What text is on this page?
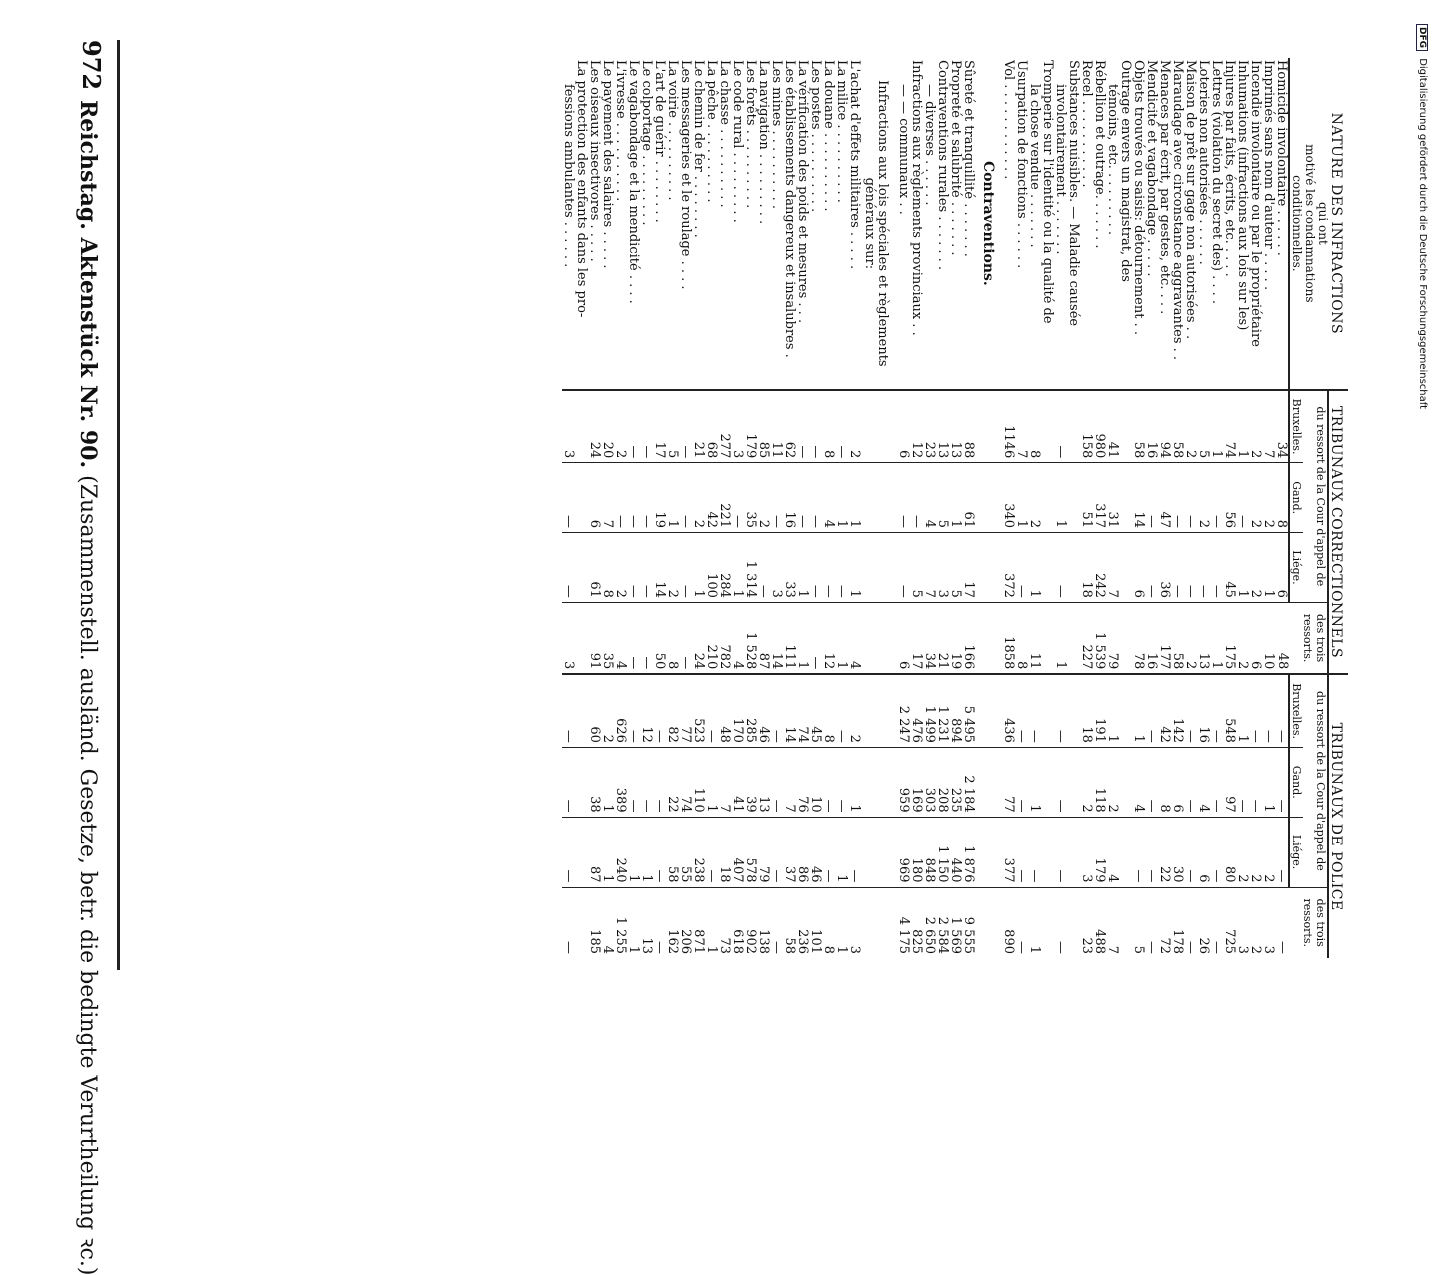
DFG Digitalisierung gefördert durch die Deutsche Forschungsgemeinschaft
NATURE DES INFRACTIONS
qui ont
motivé les condamnations
conditionnelles.	TRIBUNAUX CORRECTIONNELS				TRIBUNAUX DE POLICE			
	du ressort de la Cour d'appel de			des trois ressorts.	du ressort de la Cour d'appel de			des trois ressorts.
	Bruxelles.	Gand.	Liége.		Bruxelles.	Gand.	Liége.	

Homicide involontaire . . . . . .	34	8	6	48	—	—	—	—

Imprimés sans nom d'auteur . . . . .	7	2	1	10	—	1	2	3

Incendie involontaire ou par le propriétaire	2	2	2	6	—	—	2	2

Inhumations (infractions aux lois sur les)	1	—	1	2	1	—	2	3

Injures par faits, écrits, etc. . . . .	74	56	45	175	548	97	80	725

Lettres (violation du secret des) . . . .	1	—	—	1	—	—	—	—

Loteries non autorisées . . . . . .	5	2	—	13	16	4	6	26

Maison de prêt sur gage non autorisées . .	2	—	—	2	—	—	—	—

Maraudage avec circonstance aggravantes . .	58	—	—	58	142	6	30	178

Menaces par écrit, par gestes, etc. . . .	94	47	36	177	42	8	22	72

Mendicité et vagabondage . . . . .	16	—	—	16	—	—	—	—

Objets trouvés ou saisis: détournement . .	58	14	6	78	1	4	—	5

Outrage envers un magistrat, des								

témoins, etc. . . . . . . . .	41	31	7	79	1	2	4	7

Rébellion et outrage. . . . . . .	980	317	242	1 539	191	118	179	488

Recel . . . . . . . . . . .	158	51	18	227	18	2	3	23

Substances nuisibles. — Maladie causée								

involontairement . . . . . . .	—	1	—	1	—	—	—	—

Tromperie sur l'identité ou la qualité de								

la chose vendue . . . . . . .	8	2	1	11	—	1	—	1

Usurpation de fonctions . . . . . .	7	1	—	8	—	—	—	—

Vol . . . . . . . . . . . .	1146	340	372	1858	436	77	377	890
Contraventions.								

Sûreté et tranquillité . . . . . . .	88	61	17	166	5 495	2 184	1 876	9 555

Propreté et salubrité . . . . . . .	13	1	5	19	894	235	440	1 569

Contraventions rurales . . . . . . .	13	5	3	21	1 231	208	1 150	2 584

— diverses . . . . . .	23	4	7	34	1 499	303	848	2 650

Infractions aux règlements provinciaux . .	12	—	5	17	476	169	180	825

— — communaux . .	6	—	—	6	2 247	959	969	4 175
Infractions aux lois spéciales et règlements généraux sur:								

L'achat d'effets militaires . . . . .	2	1	1	4	2	1	—	3

La milice . . . . . . . . . .	—	1	—	1	—	—	1	1

La douane . . . . . . . . . .	8	4	—	12	8	—	—	8

Les postes . . . . . . . . . .	—	—	—	—	45	10	46	101

La vérification des poids et mesures . . .	—	—	1	1	74	76	86	236

Les établissements dangereux et insalubres .	62	16	33	111	14	7	37	58

Les mines . . . . . . . . . .	11	—	3	14	—	—	—	—

La navigation . . . . . . . . .	85	2	—	87	46	13	79	138

Les forêts . . . . . . . . . .	179	35	1 314	1 528	285	39	578	902

Le code rural . . . . . . . . .	3	—	1	4	170	41	407	618

La chasse . . . . . . . . . .	277	221	284	782	48	7	18	73

La pêche . . . . . . . . . .	68	42	100	210	—	1	—	1

Le chemin de fer . . . . . . . .	21	2	1	24	523	110	238	871

Les messageries et le roulage . . . .	—	—	—	—	77	74	55	206

La voirie . . . . . . . . . .	5	1	2	8	82	22	58	162

L'art de guérir . . . . . . . .	17	19	14	50	—	—	—	—

Le colportage . . . . . . . . .	—	—	—	—	12	—	1	13

Le vagabondage et la mendicité . . . .	—	—	—	—	—	—	1	1

L'ivresse . . . . . . . . . .	2	—	2	4	626	389	240	1 255

Le payement des salaires . . . . .	20	7	8	35	2	1	1	4

Les oiseaux insectivores . . . . .	24	6	61	91	60	38	87	185

La protection des enfants dans les pro-								

fessions ambulantes . . . . . .	3	—	—	3	—	—	—	—
972
Reichstag. Aktenstück Nr. 90. (Zusammenstell. ausländ. Gesetze, betr. die bedingte Verurtheilung ꝛc.)
